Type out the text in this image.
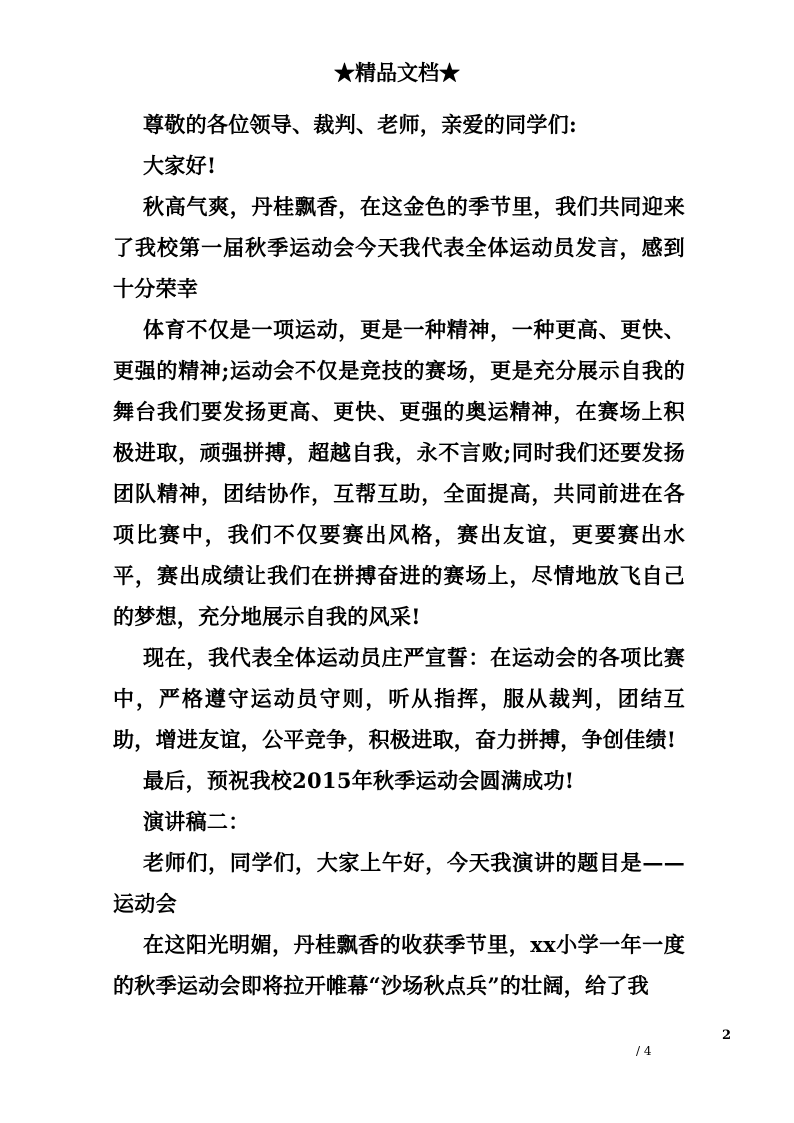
★精品文档★

尊敬的各位领导、裁判、老师，亲爱的同学们:

大家好!

秋高气爽，丹桂飘香，在这金色的季节里，我们共同迎来了我校第一届秋季运动会今天我代表全体运动员发言，感到十分荣幸

体育不仅是一项运动，更是一种精神，一种更高、更快、更强的精神;运动会不仅是竞技的赛场，更是充分展示自我的舞台我们要发扬更高、更快、更强的奥运精神，在赛场上积极进取，顽强拼搏，超越自我，永不言败;同时我们还要发扬团队精神，团结协作，互帮互助，全面提高，共同前进在各项比赛中，我们不仅要赛出风格，赛出友谊，更要赛出水平，赛出成绩让我们在拼搏奋进的赛场上，尽情地放飞自己的梦想，充分地展示自我的风采!

现在，我代表全体运动员庄严宣誓：在运动会的各项比赛中，严格遵守运动员守则，听从指挥，服从裁判，团结互助，增进友谊，公平竞争，积极进取，奋力拼搏，争创佳绩!

最后，预祝我校2015年秋季运动会圆满成功!

演讲稿二：

老师们，同学们，大家上午好，今天我演讲的题目是——运动会

在这阳光明媚，丹桂飘香的收获季节里，xx小学一年一度的秋季运动会即将拉开帷幕“沙场秋点兵”的壮阔，给了我

2
/ 4
